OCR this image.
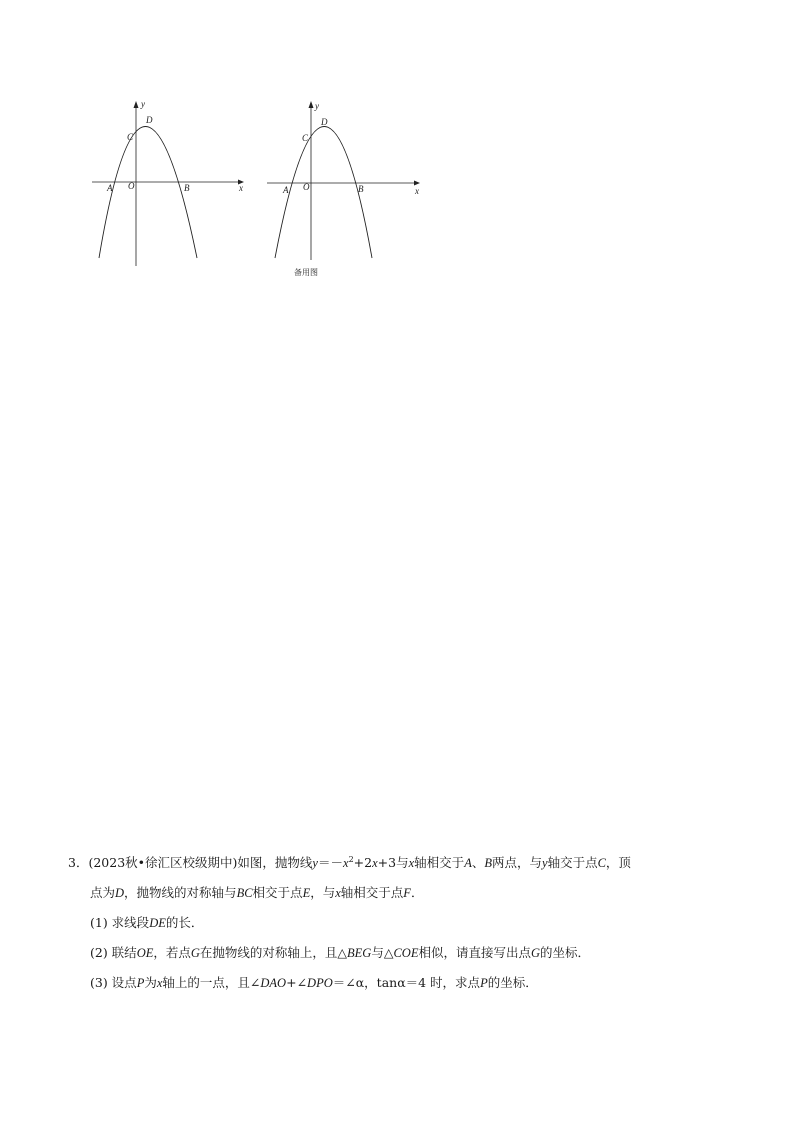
y
x
C
D
A O	B
y
x
C
D
A O	B
备用图
3．(2023秋•徐汇区校级期中)如图，抛物线$y=-x^2+2x+3$与x轴相交于A、B两点，与y轴交于点C，顶
点为D，抛物线的对称轴与BC相交于点E，与x轴相交于点F．
(1) 求线段DE的长．
(2) 联结OE，若点G在抛物线的对称轴上，且△BEG与△COE相似，请直接写出点G的坐标．
(3) 设点P为x轴上的一点，且∠DAO+∠DPO＝∠α，tanα＝4 时，求点P的坐标．
